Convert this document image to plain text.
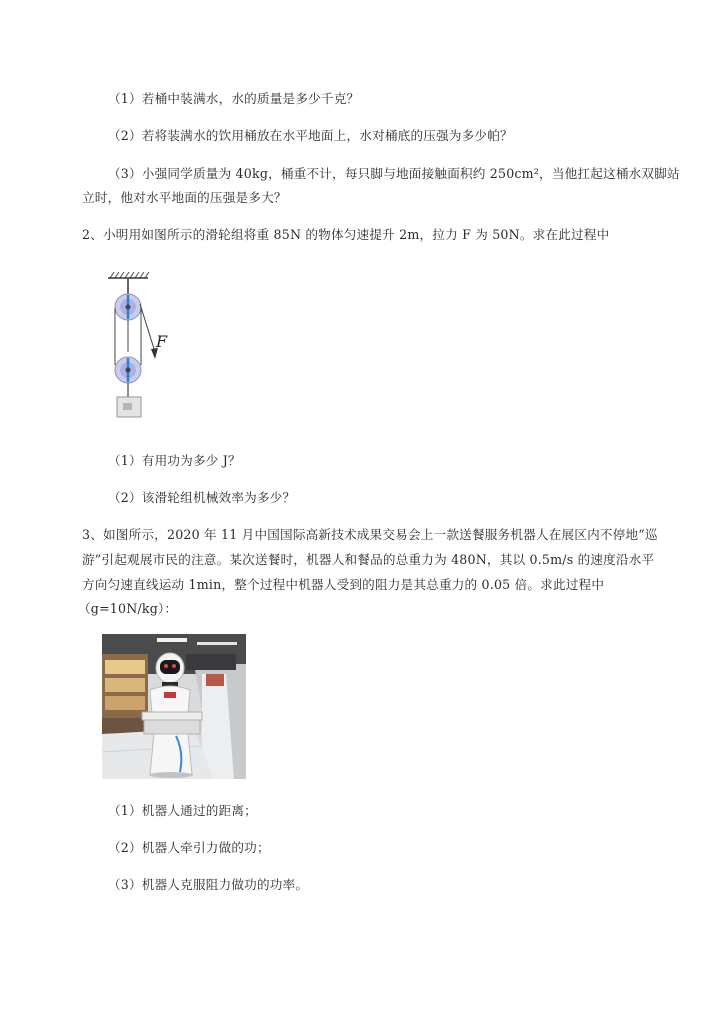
（1）若桶中装满水，水的质量是多少千克？
（2）若将装满水的饮用桶放在水平地面上，水对桶底的压强为多少帕？
（3）小强同学质量为 40kg，桶重不计，每只脚与地面接触面积约 250cm²，当他扛起这桶水双脚站
立时，他对水平地面的压强是多大？
2、小明用如图所示的滑轮组将重 85N 的物体匀速提升 2m，拉力 F 为 50N。求在此过程中
F
（1）有用功为多少 J？
（2）该滑轮组机械效率为多少？
3、如图所示，2020 年 11 月中国国际高新技术成果交易会上一款送餐服务机器人在展区内不停地“巡
游”引起观展市民的注意。某次送餐时，机器人和餐品的总重力为 480N，其以 0.5m/s 的速度沿水平
方向匀速直线运动 1min，整个过程中机器人受到的阻力是其总重力的 0.05 倍。求此过程中
（g=10N/kg）：
（1）机器人通过的距离；
（2）机器人牵引力做的功；
（3）机器人克服阻力做功的功率。
